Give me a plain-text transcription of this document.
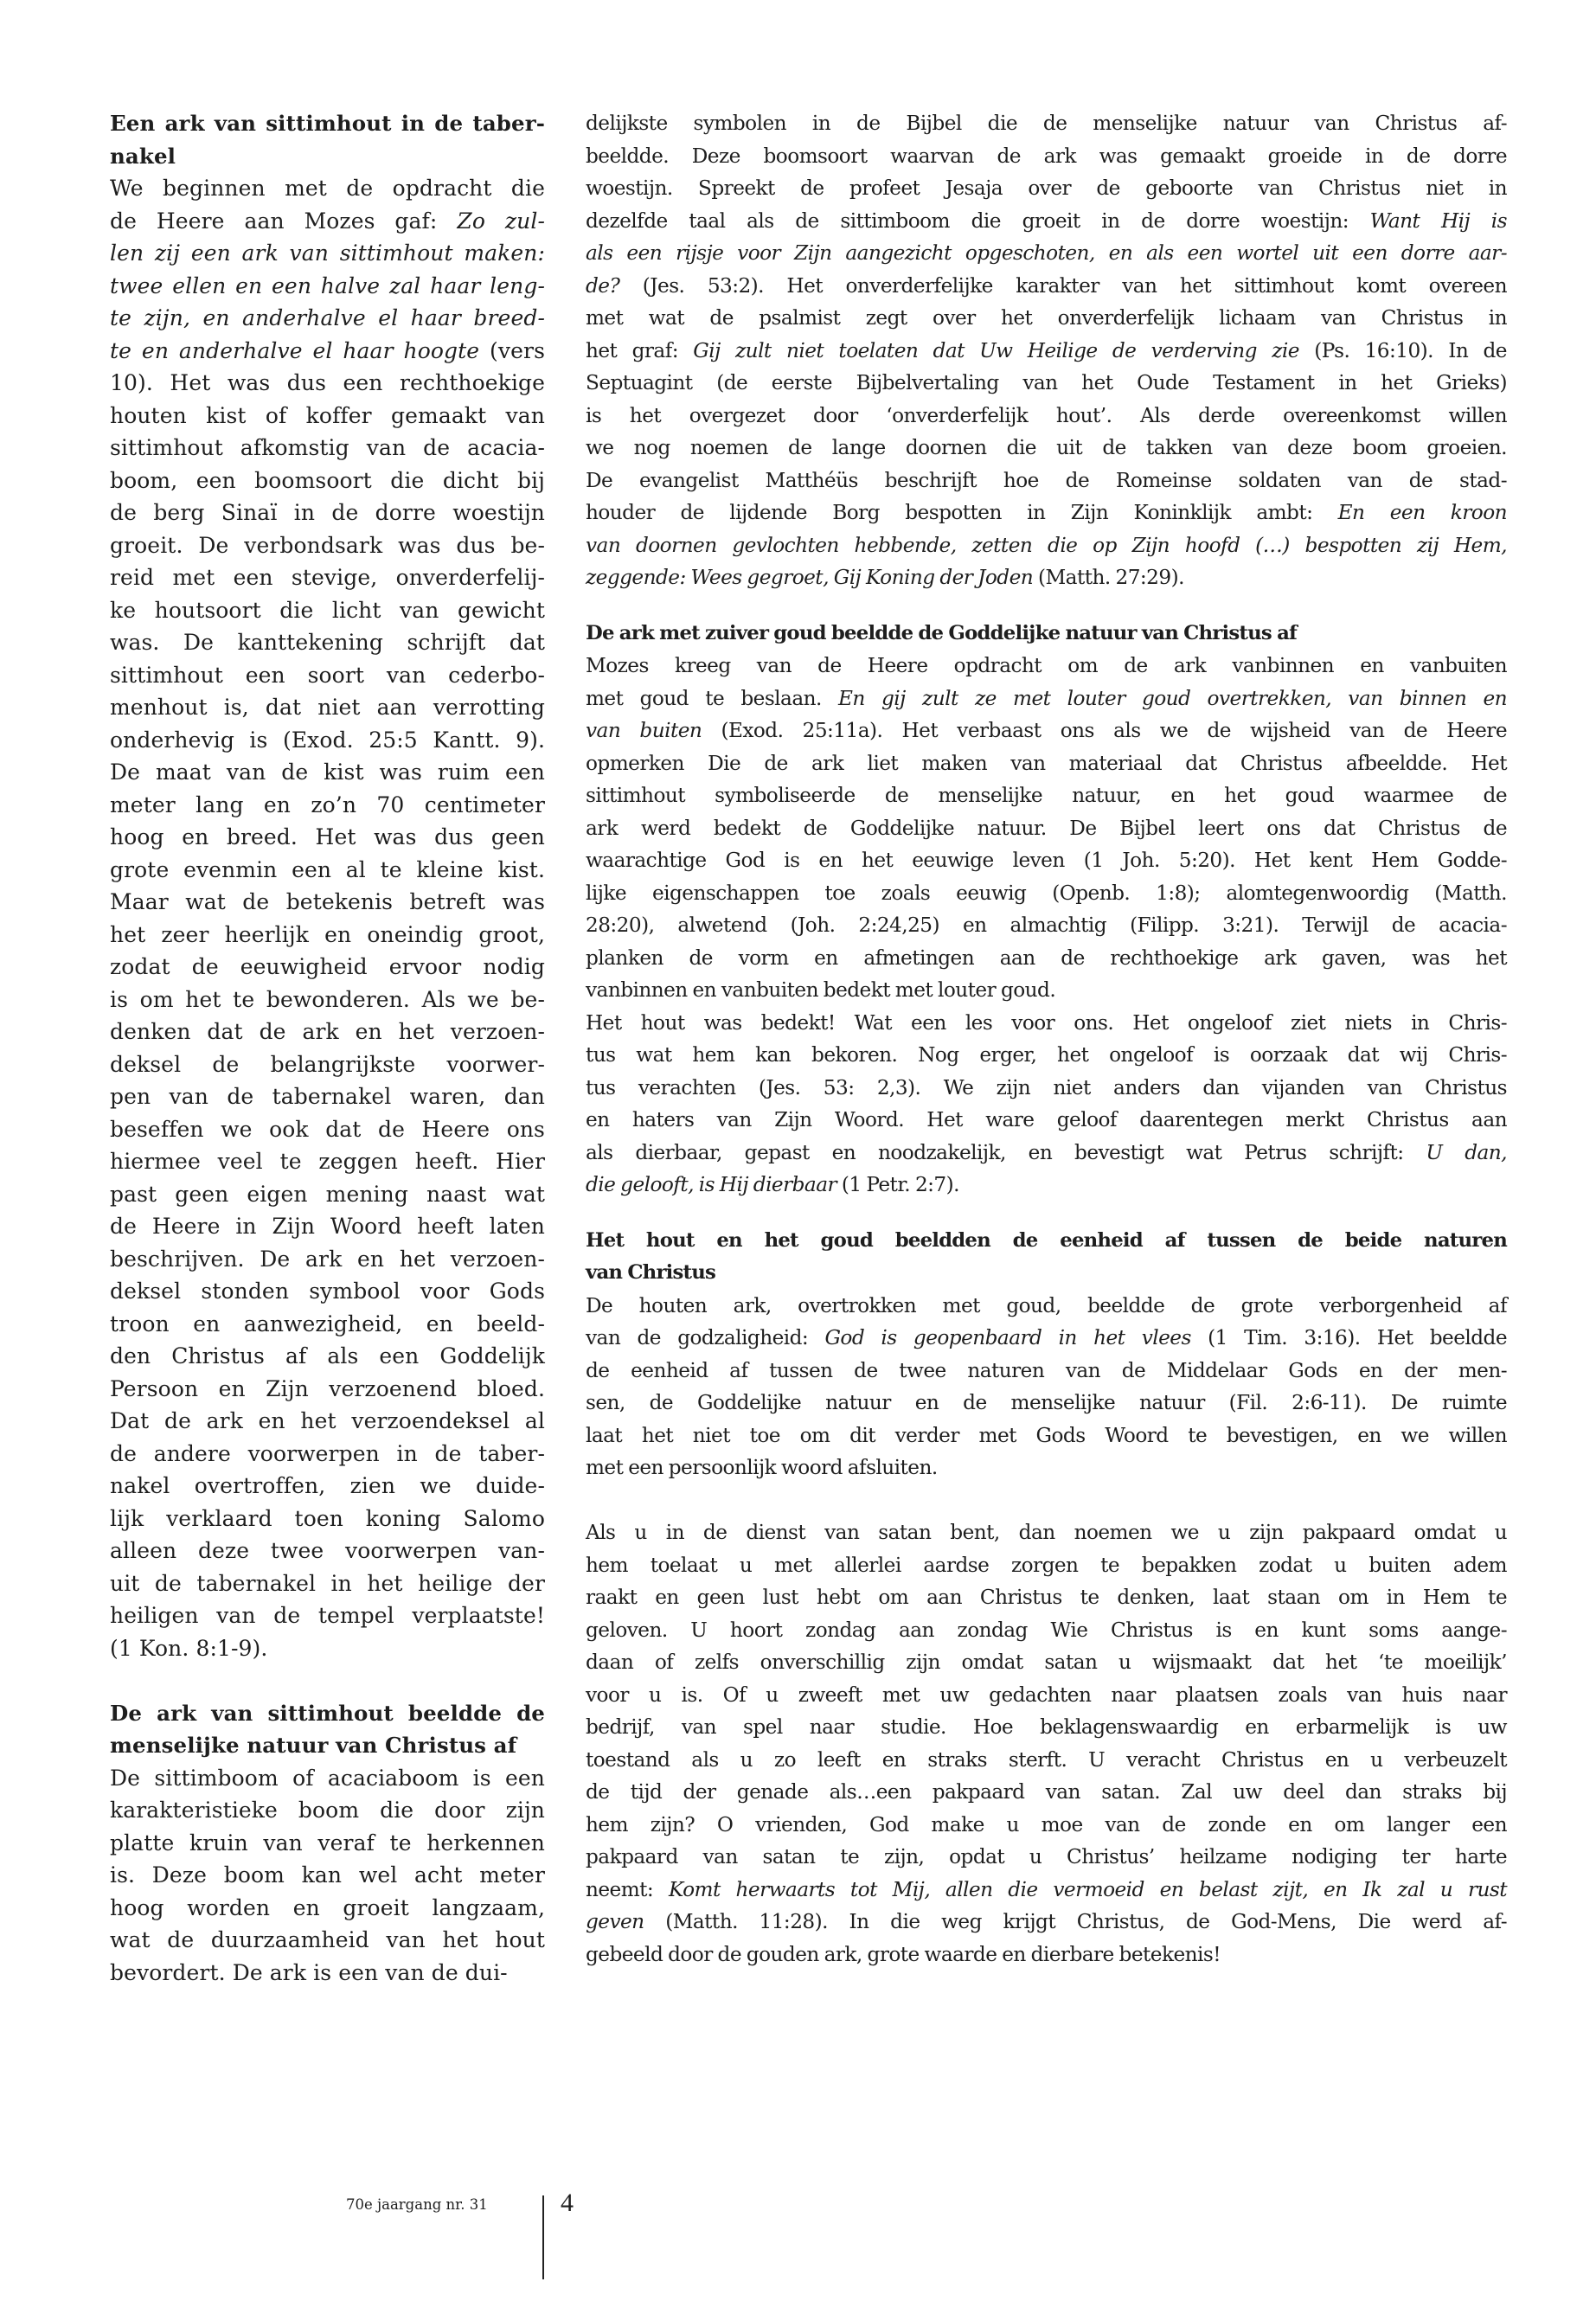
Een ark van sittimhout in de taber-
nakel
We beginnen met de opdracht die
de Heere aan Mozes gaf: Zo zul-
len zij een ark van sittimhout maken:
twee ellen en een halve zal haar leng-
te zijn, en anderhalve el haar breed-
te en anderhalve el haar hoogte (vers
10). Het was dus een rechthoekige
houten kist of koffer gemaakt van
sittimhout afkomstig van de acacia-
boom, een boomsoort die dicht bij
de berg Sinaï in de dorre woestijn
groeit. De verbondsark was dus be-
reid met een stevige, onverderfelij-
ke houtsoort die licht van gewicht
was. De kanttekening schrijft dat
sittimhout een soort van cederbo-
menhout is, dat niet aan verrotting
onderhevig is (Exod. 25:5 Kantt. 9).
De maat van de kist was ruim een
meter lang en zo’n 70 centimeter
hoog en breed. Het was dus geen
grote evenmin een al te kleine kist.
Maar wat de betekenis betreft was
het zeer heerlijk en oneindig groot,
zodat de eeuwigheid ervoor nodig
is om het te bewonderen. Als we be-
denken dat de ark en het verzoen-
deksel de belangrijkste voorwer-
pen van de tabernakel waren, dan
beseffen we ook dat de Heere ons
hiermee veel te zeggen heeft. Hier
past geen eigen mening naast wat
de Heere in Zijn Woord heeft laten
beschrijven. De ark en het verzoen-
deksel stonden symbool voor Gods
troon en aanwezigheid, en beeld-
den Christus af als een Goddelijk
Persoon en Zijn verzoenend bloed.
Dat de ark en het verzoendeksel al
de andere voorwerpen in de taber-
nakel overtroffen, zien we duide-
lijk verklaard toen koning Salomo
alleen deze twee voorwerpen van-
uit de tabernakel in het heilige der
heiligen van de tempel verplaatste!
(1 Kon. 8:1-9).
De ark van sittimhout beeldde de
menselijke natuur van Christus af
De sittimboom of acaciaboom is een
karakteristieke boom die door zijn
platte kruin van veraf te herkennen
is. Deze boom kan wel acht meter
hoog worden en groeit langzaam,
wat de duurzaamheid van het hout
bevordert. De ark is een van de dui-
delijkste symbolen in de Bijbel die de menselijke natuur van Christus af-
beeldde. Deze boomsoort waarvan de ark was gemaakt groeide in de dorre
woestijn. Spreekt de profeet Jesaja over de geboorte van Christus niet in
dezelfde taal als de sittimboom die groeit in de dorre woestijn: Want Hij is
als een rijsje voor Zijn aangezicht opgeschoten, en als een wortel uit een dorre aar-
de? (Jes. 53:2). Het onverderfelijke karakter van het sittimhout komt overeen
met wat de psalmist zegt over het onverderfelijk lichaam van Christus in
het graf: Gij zult niet toelaten dat Uw Heilige de verderving zie (Ps. 16:10). In de
Septuagint (de eerste Bijbelvertaling van het Oude Testament in het Grieks)
is het overgezet door ‘onverderfelijk hout’. Als derde overeenkomst willen
we nog noemen de lange doornen die uit de takken van deze boom groeien.
De evangelist Matthéüs beschrijft hoe de Romeinse soldaten van de stad-
houder de lijdende Borg bespotten in Zijn Koninklijk ambt: En een kroon
van doornen gevlochten hebbende, zetten die op Zijn hoofd (…) bespotten zij Hem,
zeggende: Wees gegroet, Gij Koning der Joden (Matth. 27:29).
De ark met zuiver goud beeldde de Goddelijke natuur van Christus af
Mozes kreeg van de Heere opdracht om de ark vanbinnen en vanbuiten
met goud te beslaan. En gij zult ze met louter goud overtrekken, van binnen en
van buiten (Exod. 25:11a). Het verbaast ons als we de wijsheid van de Heere
opmerken Die de ark liet maken van materiaal dat Christus afbeeldde. Het
sittimhout symboliseerde de menselijke natuur, en het goud waarmee de
ark werd bedekt de Goddelijke natuur. De Bijbel leert ons dat Christus de
waarachtige God is en het eeuwige leven (1 Joh. 5:20). Het kent Hem Godde-
lijke eigenschappen toe zoals eeuwig (Openb. 1:8); alomtegenwoordig (Matth.
28:20), alwetend (Joh. 2:24,25) en almachtig (Filipp. 3:21). Terwijl de acacia-
planken de vorm en afmetingen aan de rechthoekige ark gaven, was het
vanbinnen en vanbuiten bedekt met louter goud.
Het hout was bedekt! Wat een les voor ons. Het ongeloof ziet niets in Chris-
tus wat hem kan bekoren. Nog erger, het ongeloof is oorzaak dat wij Chris-
tus verachten (Jes. 53: 2,3). We zijn niet anders dan vijanden van Christus
en haters van Zijn Woord. Het ware geloof daarentegen merkt Christus aan
als dierbaar, gepast en noodzakelijk, en bevestigt wat Petrus schrijft: U dan,
die gelooft, is Hij dierbaar (1 Petr. 2:7).
Het hout en het goud beeldden de eenheid af tussen de beide naturen
van Christus
De houten ark, overtrokken met goud, beeldde de grote verborgenheid af
van de godzaligheid: God is geopenbaard in het vlees (1 Tim. 3:16). Het beeldde
de eenheid af tussen de twee naturen van de Middelaar Gods en der men-
sen, de Goddelijke natuur en de menselijke natuur (Fil. 2:6-11). De ruimte
laat het niet toe om dit verder met Gods Woord te bevestigen, en we willen
met een persoonlijk woord afsluiten.
Als u in de dienst van satan bent, dan noemen we u zijn pakpaard omdat u
hem toelaat u met allerlei aardse zorgen te bepakken zodat u buiten adem
raakt en geen lust hebt om aan Christus te denken, laat staan om in Hem te
geloven. U hoort zondag aan zondag Wie Christus is en kunt soms aange-
daan of zelfs onverschillig zijn omdat satan u wijsmaakt dat het ‘te moeilijk’
voor u is. Of u zweeft met uw gedachten naar plaatsen zoals van huis naar
bedrijf, van spel naar studie. Hoe beklagenswaardig en erbarmelijk is uw
toestand als u zo leeft en straks sterft. U veracht Christus en u verbeuzelt
de tijd der genade als…een pakpaard van satan. Zal uw deel dan straks bij
hem zijn? O vrienden, God make u moe van de zonde en om langer een
pakpaard van satan te zijn, opdat u Christus’ heilzame nodiging ter harte
neemt: Komt herwaarts tot Mij, allen die vermoeid en belast zijt, en Ik zal u rust
geven (Matth. 11:28). In die weg krijgt Christus, de God-Mens, Die werd af-
gebeeld door de gouden ark, grote waarde en dierbare betekenis!
70e jaargang nr. 31	4
